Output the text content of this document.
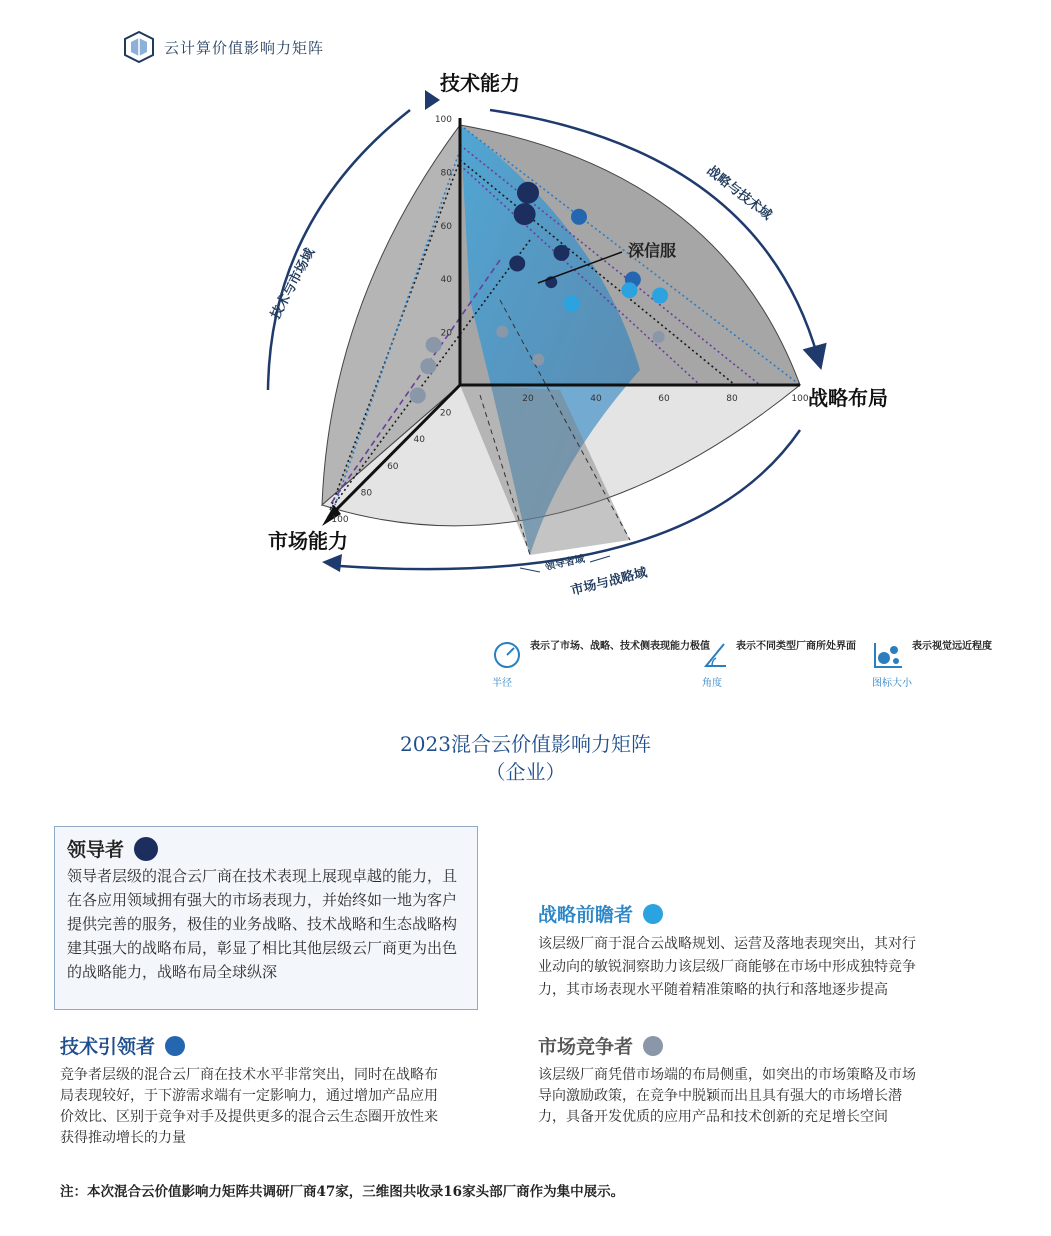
云计算价值影响力矩阵
20
40
60
80
100
20	40	60	80	100
20
40
60
80
100
技术能力
战略布局
市场能力
战略与技术域
技术与市场域
市场与战略域
领导者域
深信服
表示了市场、战略、技术侧表现能力极值
半径
表示不同类型厂商所处界面
角度
表示视觉远近程度
图标大小
2023混合云价值影响力矩阵
（企业）
领导者

领导者层级的混合云厂商在技术表现上展现卓越的能力，且在各应用领域拥有强大的市场表现力，并始终如一地为客户提供完善的服务，极佳的业务战略、技术战略和生态战略构建其强大的战略布局，彰显了相比其他层级云厂商更为出色的战略能力，战略布局全球纵深

战略前瞻者

该层级厂商于混合云战略规划、运营及落地表现突出，其对行业动向的敏锐洞察助力该层级厂商能够在市场中形成独特竞争力，其市场表现水平随着精准策略的执行和落地逐步提高

技术引领者

竞争者层级的混合云厂商在技术水平非常突出，同时在战略布局表现较好，于下游需求端有一定影响力，通过增加产品应用价效比、区别于竞争对手及提供更多的混合云生态圈开放性来获得推动增长的力量

市场竞争者

该层级厂商凭借市场端的布局侧重，如突出的市场策略及市场导向激励政策，在竞争中脱颖而出且具有强大的市场增长潜力，具备开发优质的应用产品和技术创新的充足增长空间

注：本次混合云价值影响力矩阵共调研厂商47家，三维图共收录16家头部厂商作为集中展示。
